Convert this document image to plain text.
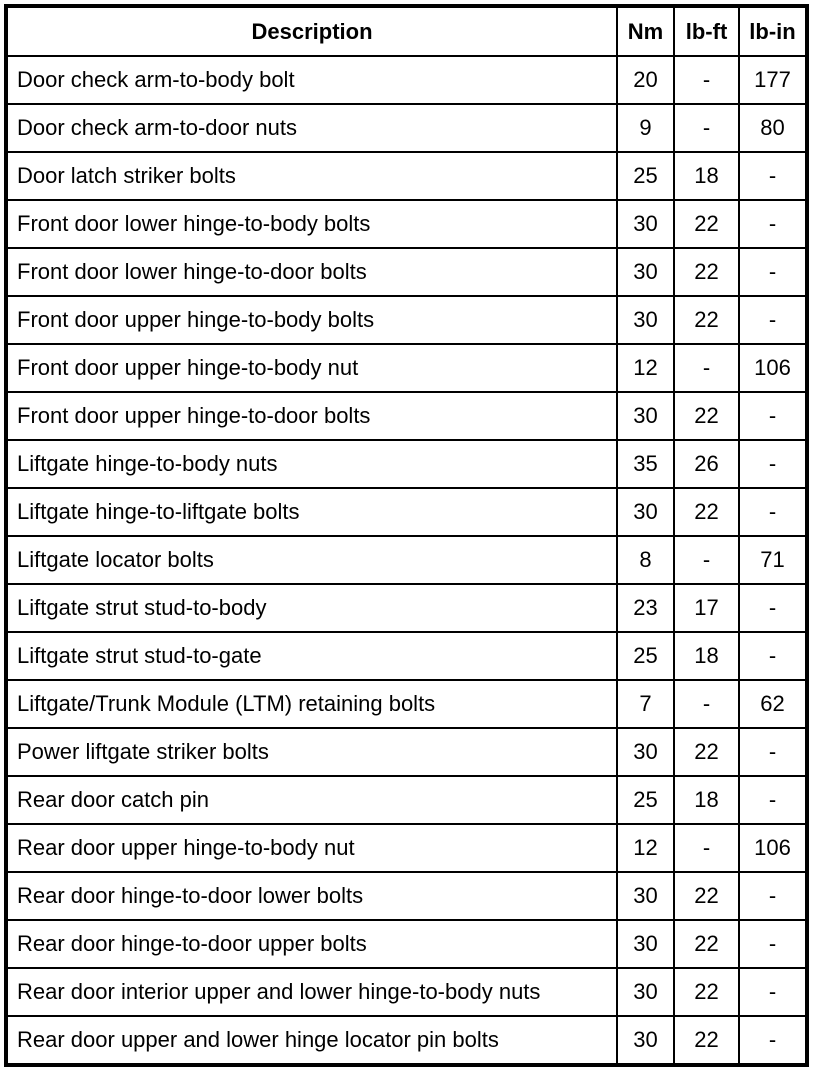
Description	Nm	lb-ft	lb-in
Door check arm-to-body bolt	20	-	177
Door check arm-to-door nuts	9	-	80
Door latch striker bolts	25	18	-
Front door lower hinge-to-body bolts	30	22	-
Front door lower hinge-to-door bolts	30	22	-
Front door upper hinge-to-body bolts	30	22	-
Front door upper hinge-to-body nut	12	-	106
Front door upper hinge-to-door bolts	30	22	-
Liftgate hinge-to-body nuts	35	26	-
Liftgate hinge-to-liftgate bolts	30	22	-
Liftgate locator bolts	8	-	71
Liftgate strut stud-to-body	23	17	-
Liftgate strut stud-to-gate	25	18	-
Liftgate/Trunk Module (LTM) retaining bolts	7	-	62
Power liftgate striker bolts	30	22	-
Rear door catch pin	25	18	-
Rear door upper hinge-to-body nut	12	-	106
Rear door hinge-to-door lower bolts	30	22	-
Rear door hinge-to-door upper bolts	30	22	-
Rear door interior upper and lower hinge-to-body nuts	30	22	-
Rear door upper and lower hinge locator pin bolts	30	22	-
